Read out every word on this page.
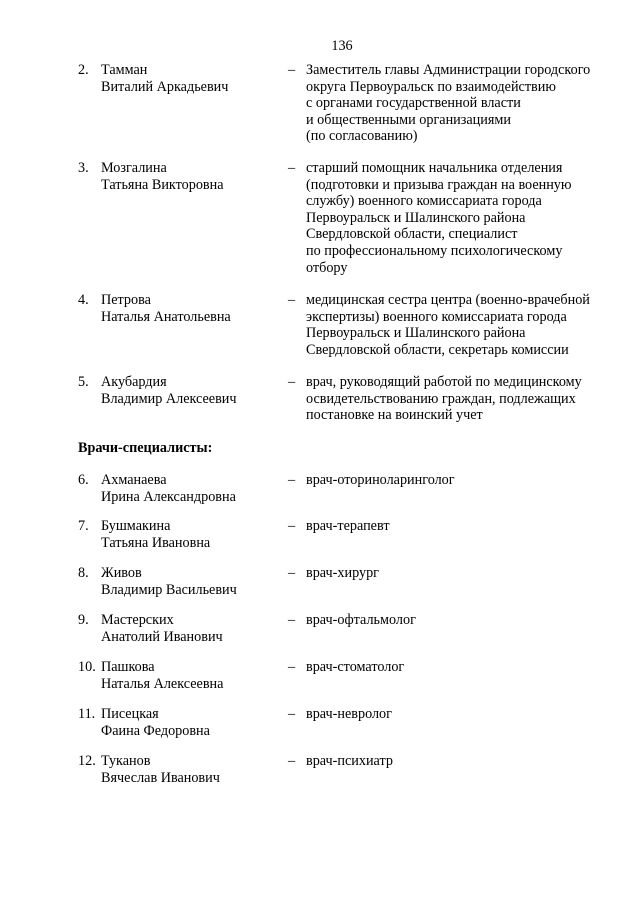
136
2. Тамман
Виталий Аркадьевич
– Заместитель главы Администрации городского
округа Первоуральск по взаимодействию
с органами государственной власти
и общественными организациями
(по согласованию)
3. Мозгалина
Татьяна Викторовна
– старший помощник начальника отделения
(подготовки и призыва граждан на военную
службу) военного комиссариата города
Первоуральск и Шалинского района
Свердловской области, специалист
по профессиональному психологическому
отбору
4. Петрова
Наталья Анатольевна
– медицинская сестра центра (военно-врачебной
экспертизы) военного комиссариата города
Первоуральск и Шалинского района
Свердловской области, секретарь комиссии
5. Акубардия
Владимир Алексеевич
– врач, руководящий работой по медицинскому
освидетельствованию граждан, подлежащих
постановке на воинский учет
Врачи-специалисты:
6. Ахманаева
Ирина Александровна
– врач-оториноларинголог
7. Бушмакина
Татьяна Ивановна
– врач-терапевт
8. Живов
Владимир Васильевич
– врач-хирург
9. Мастерских
Анатолий Иванович
– врач-офтальмолог
10. Пашкова
Наталья Алексеевна
– врач-стоматолог
11. Писецкая
Фаина Федоровна
– врач-невролог
12. Туканов
Вячеслав Иванович
– врач-психиатр
